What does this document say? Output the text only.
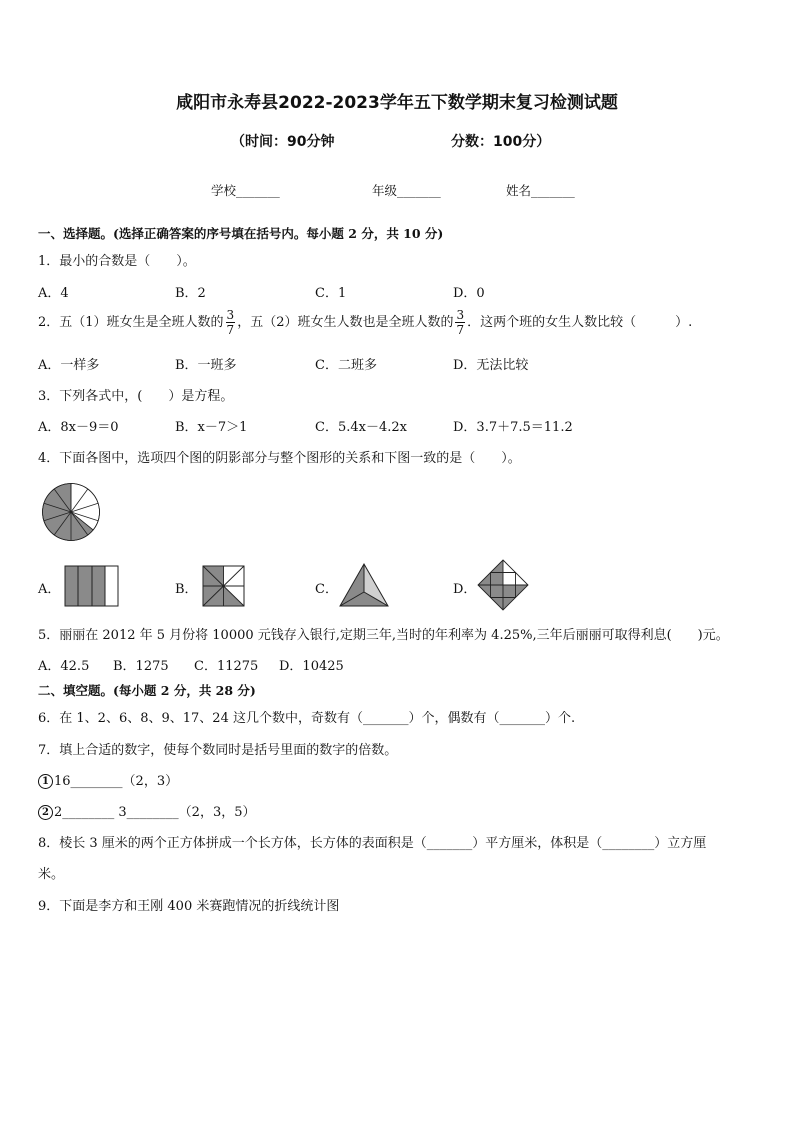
咸阳市永寿县2022-2023学年五下数学期末复习检测试题
（时间：90分钟	分数：100分）
学校_______	年级_______	姓名_______
一、选择题。(选择正确答案的序号填在括号内。每小题 2 分，共 10 分)
1．最小的合数是（　　）。
A．4	B．2	C．1	D．0
2．五（1）班女生是全班人数的 $\frac{3}{7}$ ，五（2）班女生人数也是全班人数的 $\frac{3}{7}$ ．这两个班的女生人数比较（　　　）.
A．一样多	B．一班多	C．二班多	D．无法比较
3．下列各式中，(　　）是方程。
A．8x－9＝0	B．x－7＞1	C．5.4x－4.2x	D．3.7＋7.5＝11.2
4．下面各图中，选项四个图的阴影部分与整个图形的关系和下图一致的是（　　）。
A．	B．	C．	D．
5．丽丽在 2012 年 5 月份将 10000 元钱存入银行,定期三年,当时的年利率为 4.25%,三年后丽丽可取得利息(　　)元。
A．42.5 B．1275 C．11275 D．10425
二、填空题。(每小题 2 分，共 28 分)
6．在 1、2、6、8、9、17、24 这几个数中，奇数有（_______）个，偶数有（_______）个.
7．填上合适的数字，使每个数同时是括号里面的数字的倍数。
1 16________（2，3）
2 2________ 3________（2，3，5）
8．棱长 3 厘米的两个正方体拼成一个长方体，长方体的表面积是（_______）平方厘米，体积是（________）立方厘
米。
9．下面是李方和王刚 400 米赛跑情况的折线统计图
